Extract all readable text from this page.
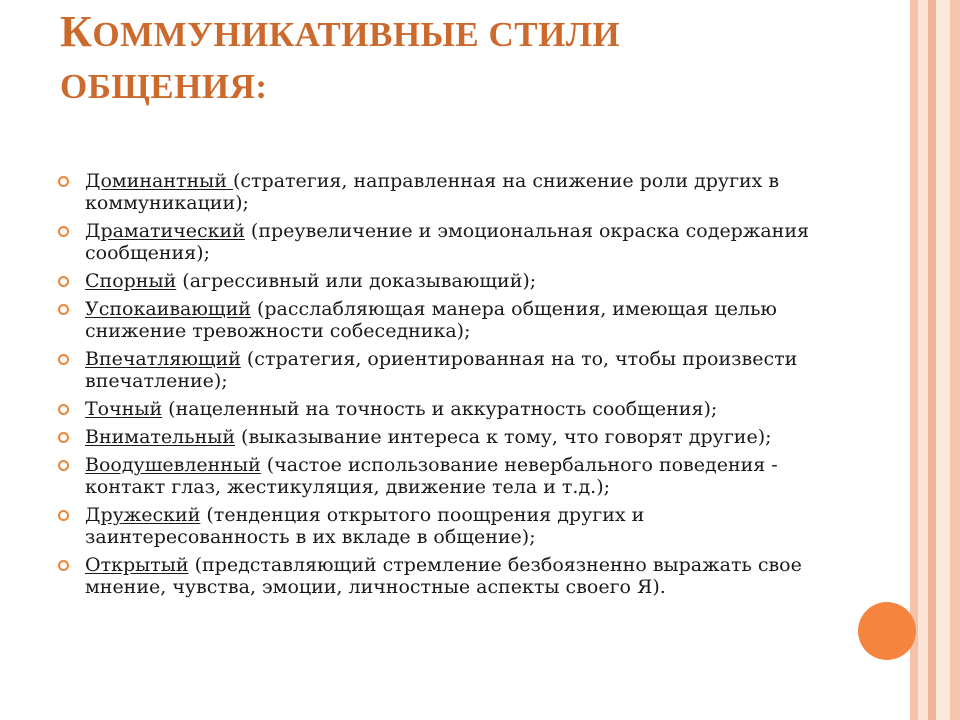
КОММУНИКАТИВНЫЕ СТИЛИ
ОБЩЕНИЯ:
Доминантный (стратегия, направленная на снижение роли других в коммуникации);
Драматический (преувеличение и эмоциональная окраска содержания сообщения);
Спорный (агрессивный или доказывающий);
Успокаивающий (расслабляющая манера общения, имеющая целью снижение тревожности собеседника);
Впечатляющий (стратегия, ориентированная на то, чтобы произвести впечатление);
Точный (нацеленный на точность и аккуратность сообщения);
Внимательный (выказывание интереса к тому, что говорят другие);
Воодушевленный (частое использование невербального поведения - контакт глаз, жестикуляция, движение тела и т.д.);
Дружеский (тенденция открытого поощрения других и заинтересованность в их вкладе в общение);
Открытый (представляющий стремление безбоязненно выражать свое мнение, чувства, эмоции, личностные аспекты своего Я).
